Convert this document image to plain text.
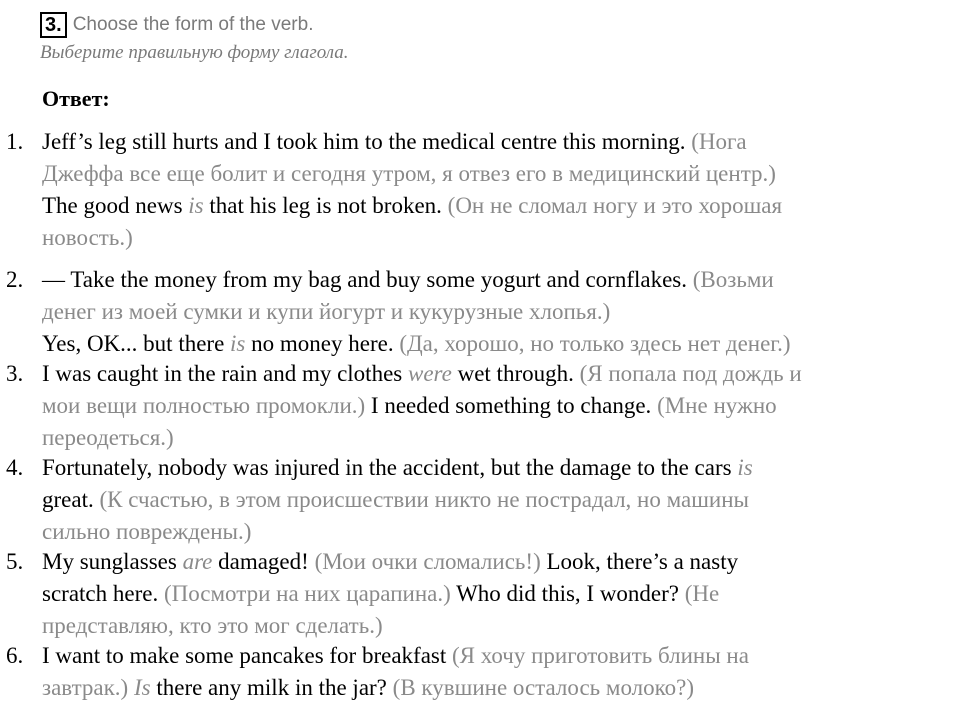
3. Choose the form of the verb.
Выберите правильную форму глагола.
Ответ:
1. Jeff’s leg still hurts and I took him to the medical centre this morning. (Нога
Джеффа все еще болит и сегодня утром, я отвез его в медицинский центр.)
The good news is that his leg is not broken. (Он не сломал ногу и это хорошая
новость.)
2. — Take the money from my bag and buy some yogurt and cornflakes. (Возьми
денег из моей сумки и купи йогурт и кукурузные хлопья.)
Yes, OK... but there is no money here. (Да, хорошо, но только здесь нет денег.)
3. I was caught in the rain and my clothes were wet through. (Я попала под дождь и
мои вещи полностью промокли.) I needed something to change. (Мне нужно
переодеться.)
4. Fortunately, nobody was injured in the accident, but the damage to the cars is
great. (К счастью, в этом происшествии никто не пострадал, но машины
сильно повреждены.)
5. My sunglasses are damaged! (Мои очки сломались!) Look, there’s a nasty
scratch here. (Посмотри на них царапина.) Who did this, I wonder? (Не
представляю, кто это мог сделать.)
6. I want to make some pancakes for breakfast (Я хочу приготовить блины на
завтрак.) Is there any milk in the jar? (В кувшине осталось молоко?)
